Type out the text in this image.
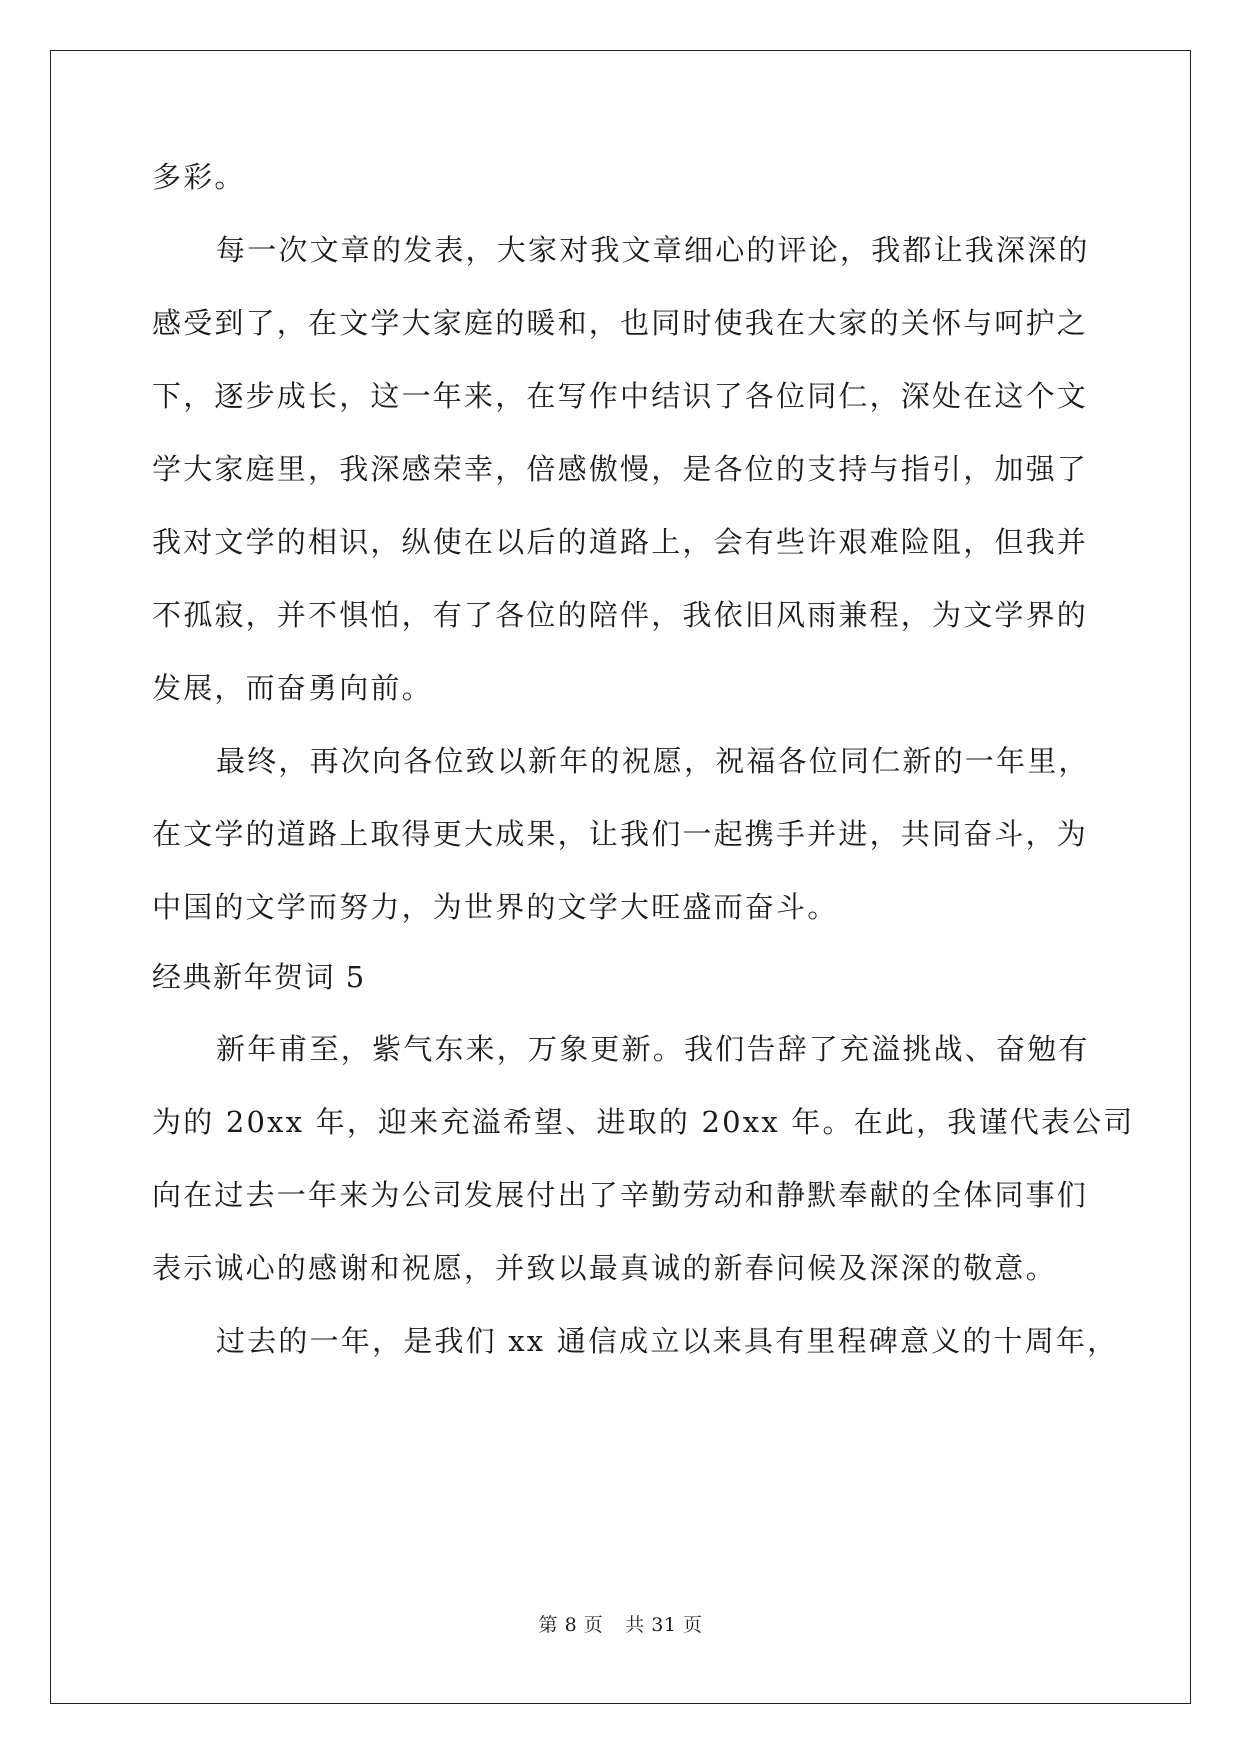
多彩。
每一次文章的发表，大家对我文章细心的评论，我都让我深深的
感受到了，在文学大家庭的暖和，也同时使我在大家的关怀与呵护之
下，逐步成长，这一年来，在写作中结识了各位同仁，深处在这个文
学大家庭里，我深感荣幸，倍感傲慢，是各位的支持与指引，加强了
我对文学的相识，纵使在以后的道路上，会有些许艰难险阻，但我并
不孤寂，并不惧怕，有了各位的陪伴，我依旧风雨兼程，为文学界的
发展，而奋勇向前。
最终，再次向各位致以新年的祝愿，祝福各位同仁新的一年里，
在文学的道路上取得更大成果，让我们一起携手并进，共同奋斗，为
中国的文学而努力，为世界的文学大旺盛而奋斗。
经典新年贺词 5
新年甫至，紫气东来，万象更新。我们告辞了充溢挑战、奋勉有
为的 20xx 年，迎来充溢希望、进取的 20xx 年。在此，我谨代表公司
向在过去一年来为公司发展付出了辛勤劳动和静默奉献的全体同事们
表示诚心的感谢和祝愿，并致以最真诚的新春问候及深深的敬意。
过去的一年，是我们 xx 通信成立以来具有里程碑意义的十周年，
第 8 页 共 31 页
